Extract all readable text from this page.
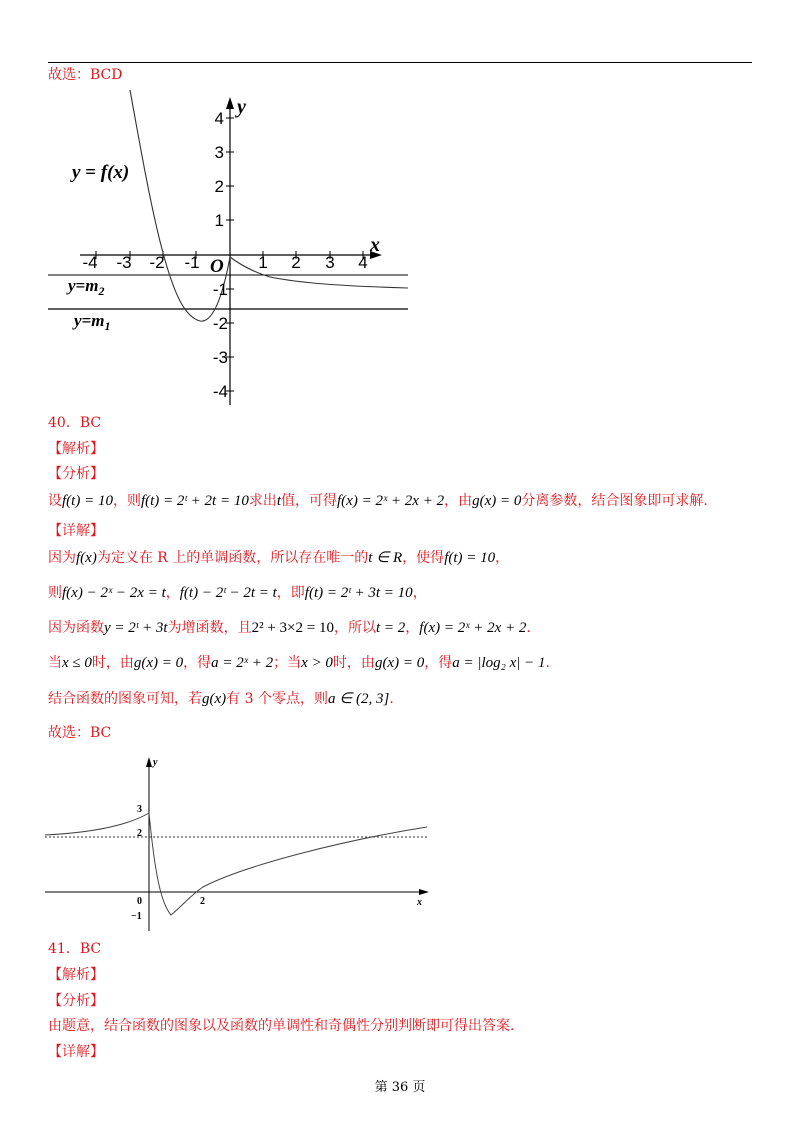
故选：BCD
4
3
2
1
-1
-2
-3
-4
-4 -3 -2 -1	1 2 3 4
O
x
y
y = f(x)
$y=m_2$
$y=m_1$
40．BC
【解析】
【分析】
设f(t) = 10，则f(t) = 2ᵗ + 2t = 10求出t值，可得f(x) = 2ˣ + 2x + 2，由g(x) = 0分离参数，结合图象即可求解.
【详解】
因为f(x)为定义在 R 上的单调函数，所以存在唯一的t ∈ R，使得f(t) = 10，
则f(x) − 2ˣ − 2x = t，f(t) − 2ᵗ − 2t = t，即f(t) = 2ᵗ + 3t = 10，
因为函数y = 2ᵗ + 3t为增函数，且2² + 3×2 = 10，所以t = 2，f(x) = 2ˣ + 2x + 2.
当x ≤ 0时，由g(x) = 0，得a = 2ˣ + 2；当x > 0时，由g(x) = 0，得a = |log₂ x| − 1.
结合函数的图象可知，若g(x)有 3 个零点，则a ∈ (2, 3].
故选：BC
y
x
3
2
0
−1
2
41．BC
【解析】
【分析】
由题意，结合函数的图象以及函数的单调性和奇偶性分别判断即可得出答案.
【详解】
第 36 页
